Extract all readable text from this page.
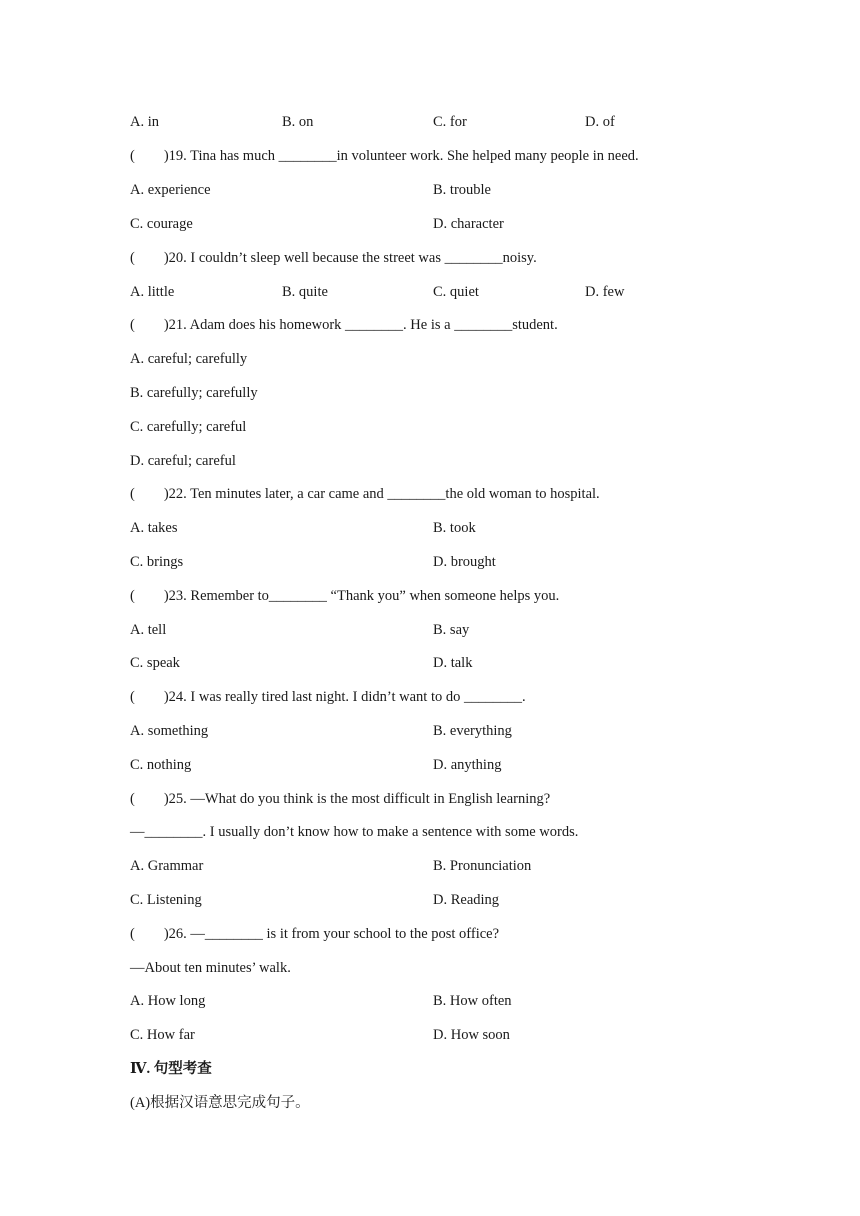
A. in	B. on	C. for	D. of
(　　)19. Tina has much ________in volunteer work. She helped many people in need.
A. experience	B. trouble
C. courage	D. character
(　　)20. I couldn’t sleep well because the street was ________noisy.
A. little	B. quite	C. quiet	D. few
(　　)21. Adam does his homework ________. He is a ________student.
A. careful; carefully
B. carefully; carefully
C. carefully; careful
D. careful; careful
(　　)22. Ten minutes later, a car came and ________the old woman to hospital.
A. takes	B. took
C. brings	D. brought
(　　)23. Remember to________ “Thank you” when someone helps you.
A. tell	B. say
C. speak	D. talk
(　　)24. I was really tired last night. I didn’t want to do ________.
A. something	B. everything
C. nothing	D. anything
(　　)25. —What do you think is the most difficult in English learning?
—________. I usually don’t know how to make a sentence with some words.
A. Grammar	B. Pronunciation
C. Listening	D. Reading
(　　)26. —________ is it from your school to the post office?
—About ten minutes’ walk.
A. How long	B. How often
C. How far	D. How soon
Ⅳ. 句型考查
(A)根据汉语意思完成句子。
